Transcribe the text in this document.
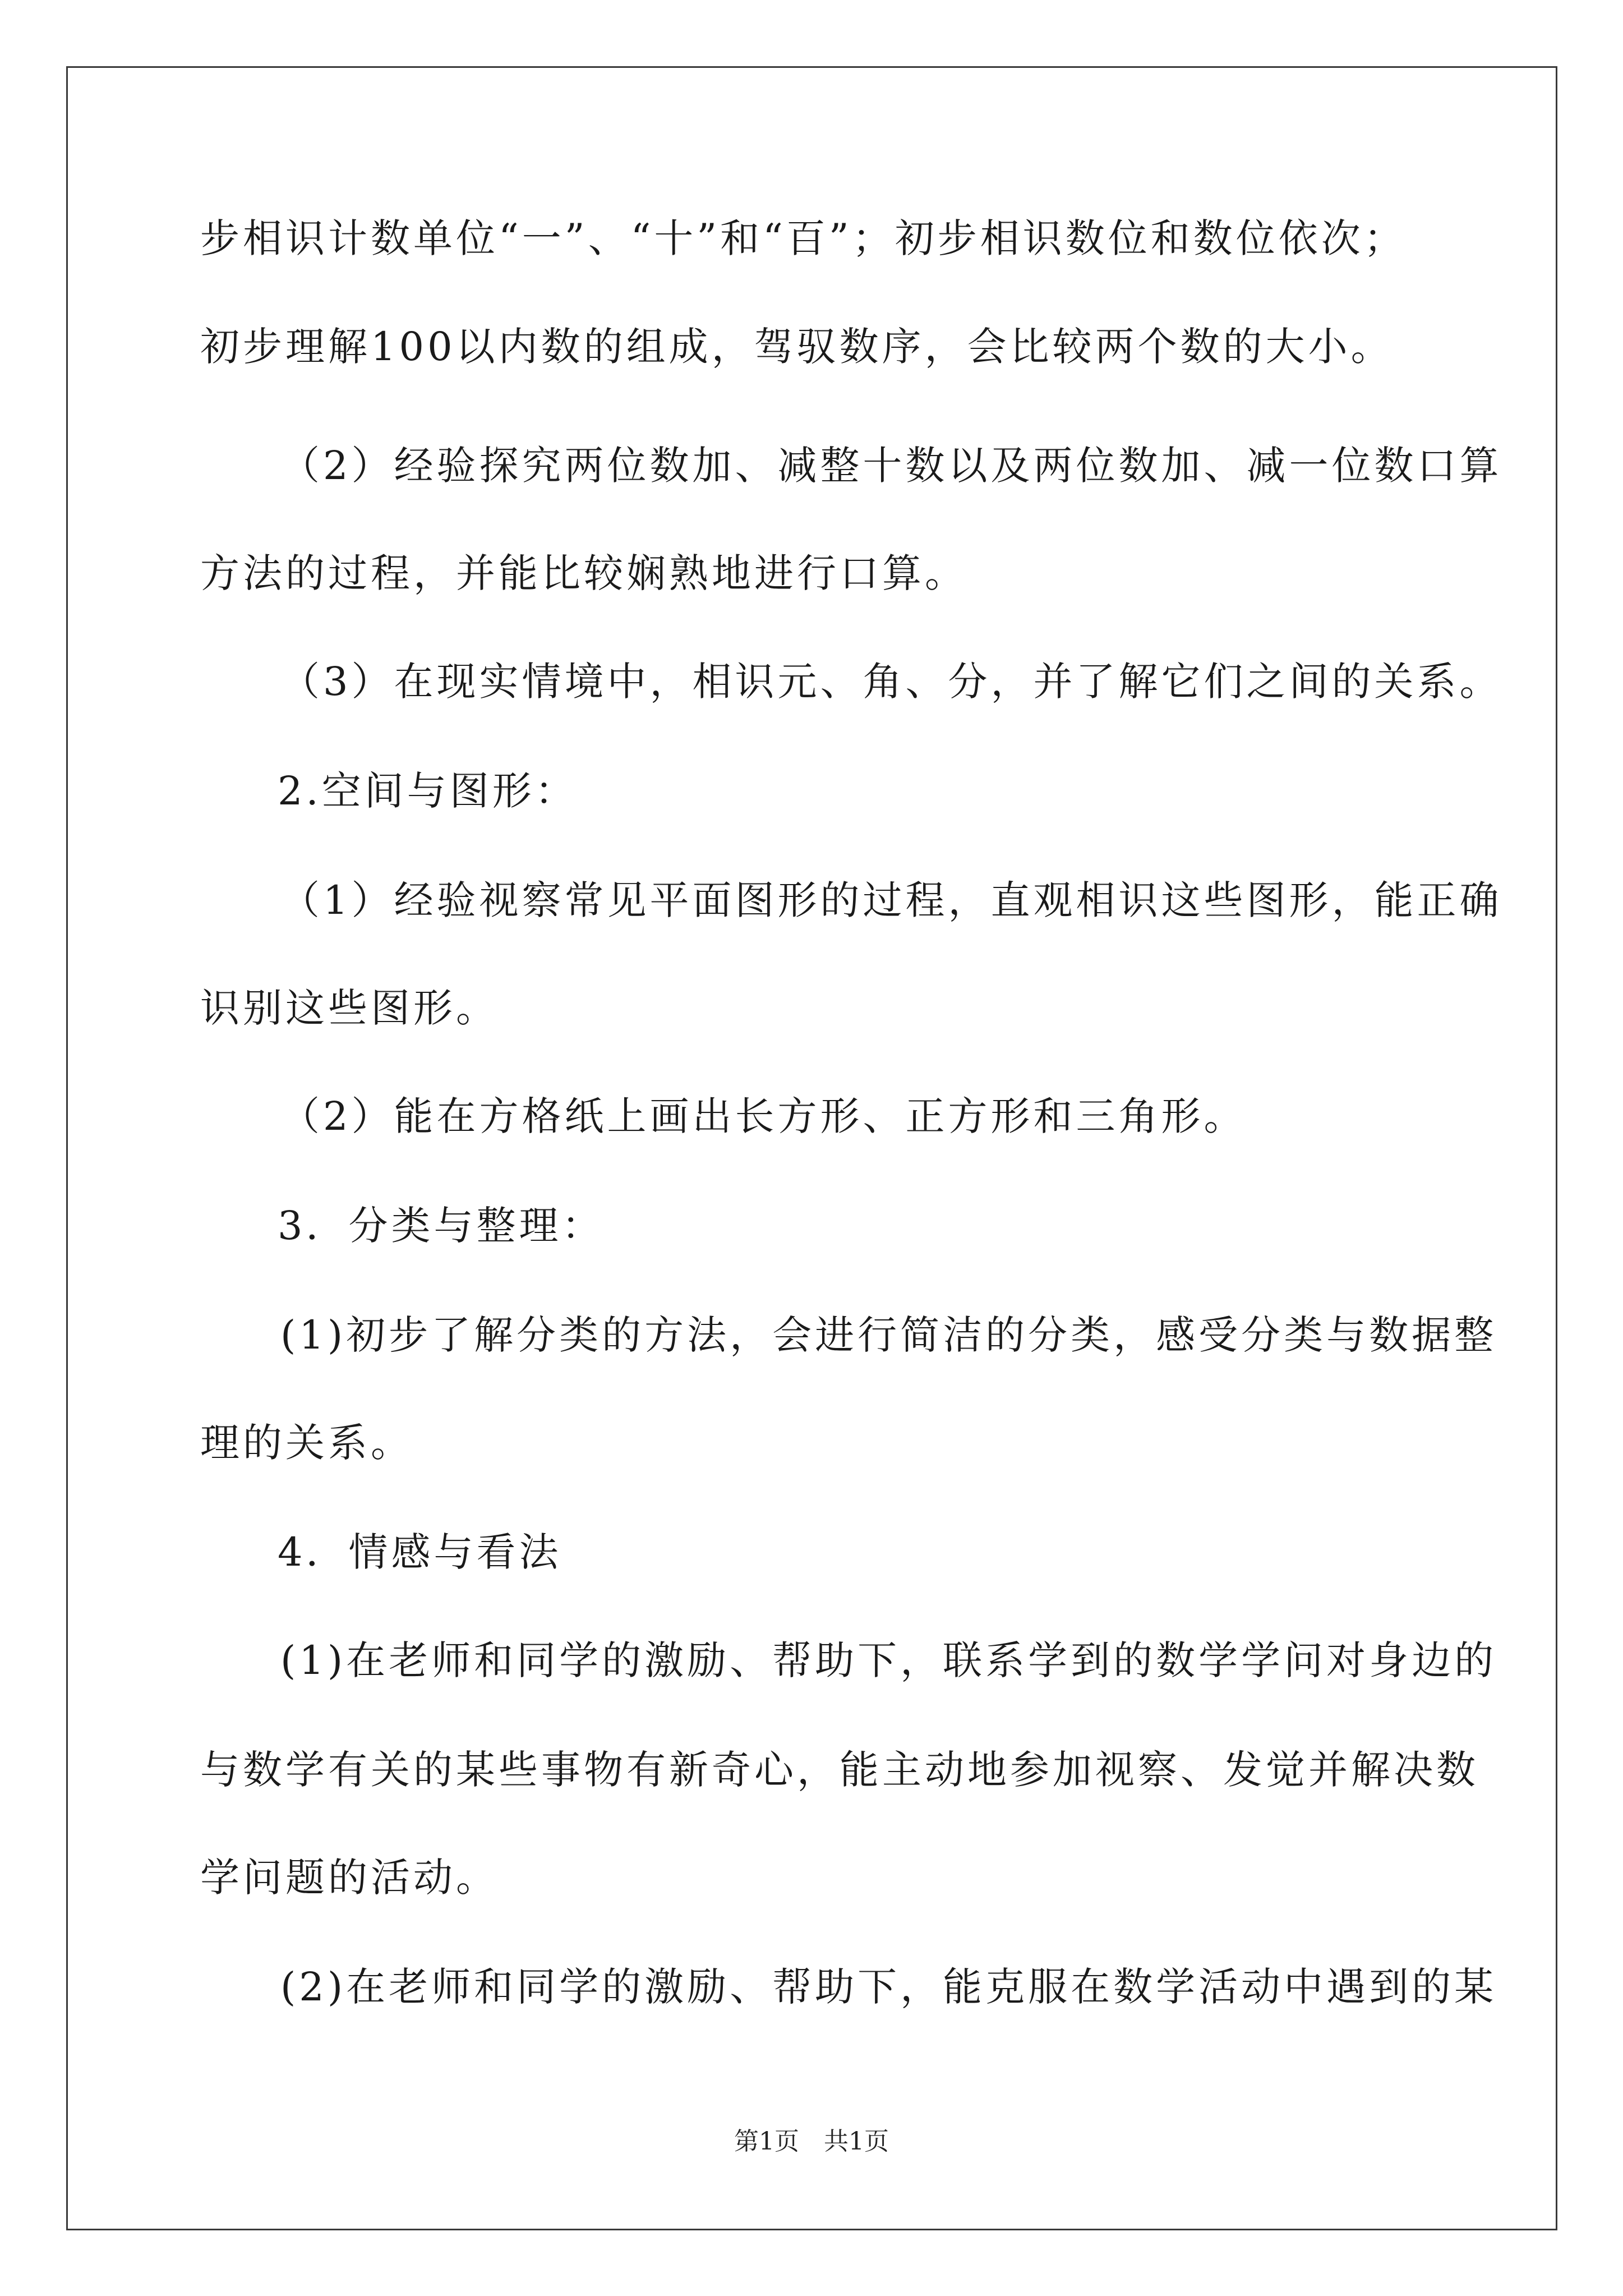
步相识计数单位“一”、“十”和“百”；初步相识数位和数位依次；
初步理解100以内数的组成，驾驭数序，会比较两个数的大小。
（2）经验探究两位数加、减整十数以及两位数加、减一位数口算
方法的过程，并能比较娴熟地进行口算。
（3）在现实情境中，相识元、角、分，并了解它们之间的关系。
2.空间与图形：
（1）经验视察常见平面图形的过程，直观相识这些图形，能正确
识别这些图形。
（2）能在方格纸上画出长方形、正方形和三角形。
3．分类与整理：
(1)初步了解分类的方法，会进行简洁的分类，感受分类与数据整
理的关系。
4．情感与看法
(1)在老师和同学的激励、帮助下，联系学到的数学学问对身边的
与数学有关的某些事物有新奇心，能主动地参加视察、发觉并解决数
学问题的活动。
(2)在老师和同学的激励、帮助下，能克服在数学活动中遇到的某
第1页　共1页
